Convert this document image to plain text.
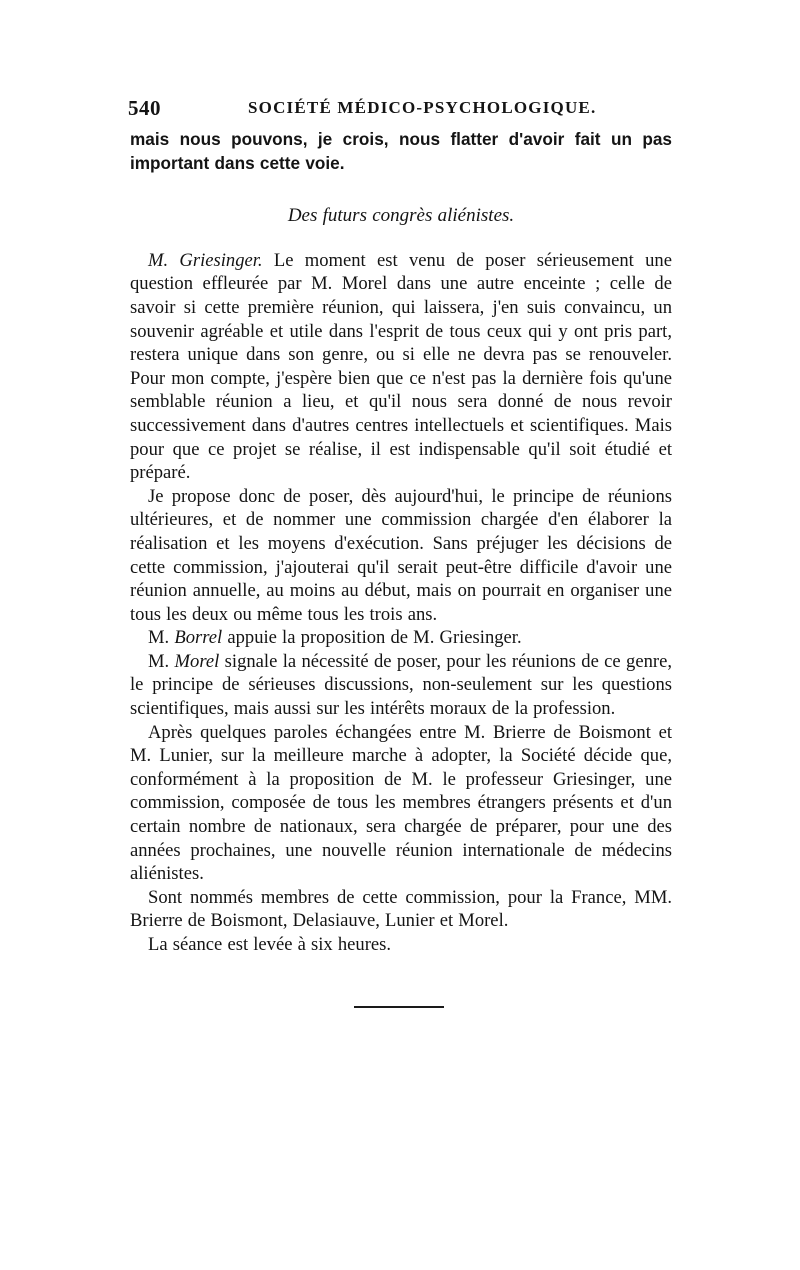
540	SOCIÉTÉ MÉDICO-PSYCHOLOGIQUE.

mais nous pouvons, je crois, nous flatter d'avoir fait un pas important dans cette voie.

Des futurs congrès aliénistes.

M. Griesinger. Le moment est venu de poser sérieusement une question effleurée par M. Morel dans une autre enceinte ; celle de savoir si cette première réunion, qui laissera, j'en suis convaincu, un souvenir agréable et utile dans l'esprit de tous ceux qui y ont pris part, restera unique dans son genre, ou si elle ne devra pas se renouveler. Pour mon compte, j'espère bien que ce n'est pas la dernière fois qu'une semblable réunion a lieu, et qu'il nous sera donné de nous revoir successivement dans d'autres centres intellectuels et scientifiques. Mais pour que ce projet se réalise, il est indispensable qu'il soit étudié et préparé.

Je propose donc de poser, dès aujourd'hui, le principe de réunions ultérieures, et de nommer une commission chargée d'en élaborer la réalisation et les moyens d'exécution. Sans préjuger les décisions de cette commission, j'ajouterai qu'il serait peut-être difficile d'avoir une réunion annuelle, au moins au début, mais on pourrait en organiser une tous les deux ou même tous les trois ans.

M. Borrel appuie la proposition de M. Griesinger.

M. Morel signale la nécessité de poser, pour les réunions de ce genre, le principe de sérieuses discussions, non-seulement sur les questions scientifiques, mais aussi sur les intérêts moraux de la profession.

Après quelques paroles échangées entre M. Brierre de Boismont et M. Lunier, sur la meilleure marche à adopter, la Société décide que, conformément à la proposition de M. le professeur Griesinger, une commission, composée de tous les membres étrangers présents et d'un certain nombre de nationaux, sera chargée de préparer, pour une des années prochaines, une nouvelle réunion internationale de médecins aliénistes.

Sont nommés membres de cette commission, pour la France, MM. Brierre de Boismont, Delasiauve, Lunier et Morel.

La séance est levée à six heures.
